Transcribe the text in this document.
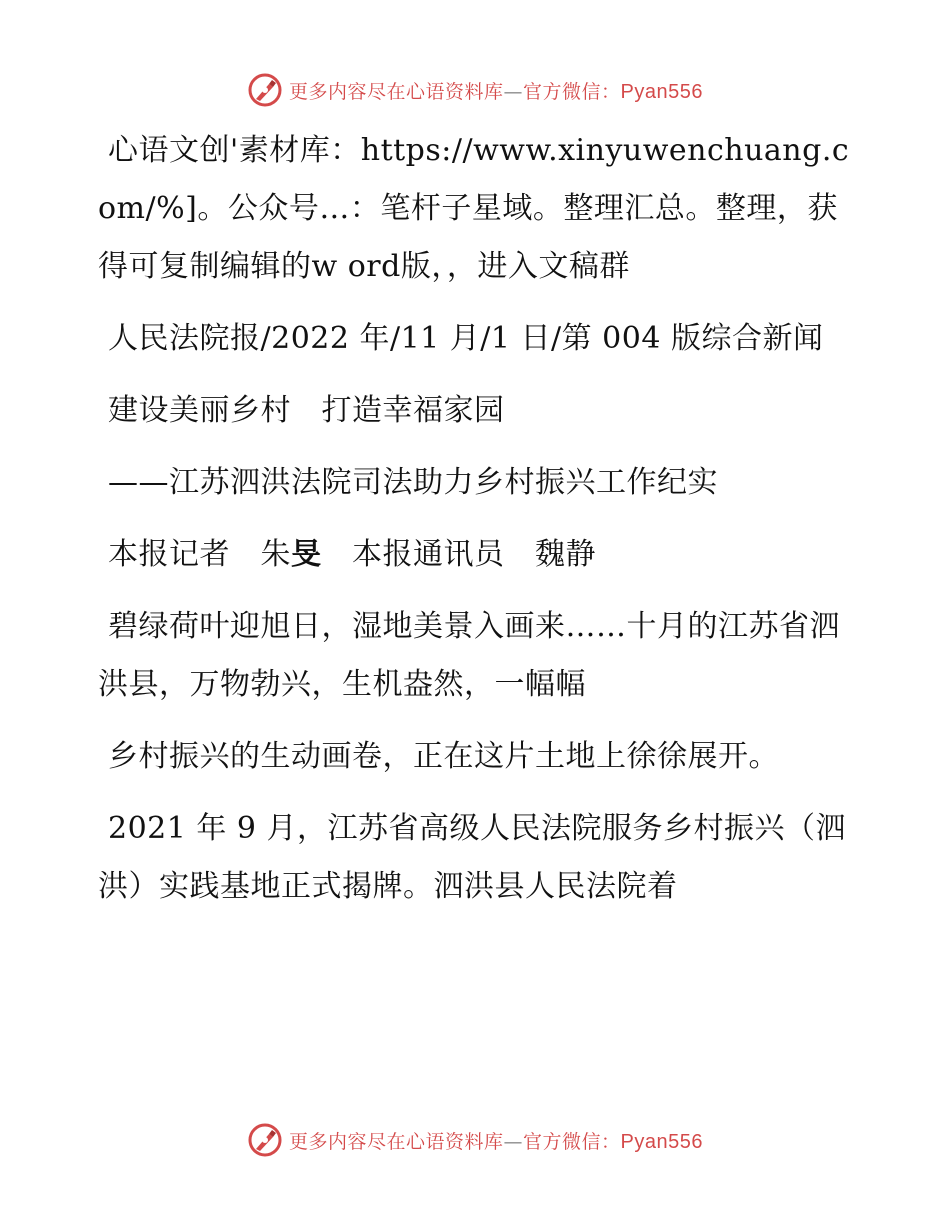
更多内容尽在心语资料库—官方微信：Pyan556

心语文创'素材库：https://www.xinyuwenchuang.com/%]。公众号…：笔杆子星域。整理汇总。整理，获得可复制编辑的w ord版，，进入文稿群

人民法院报/2022 年/11 月/1 日/第 004 版综合新闻

建设美丽乡村　打造幸福家园

——江苏泗洪法院司法助力乡村振兴工作纪实

本报记者　朱旻　本报通讯员　魏静

碧绿荷叶迎旭日，湿地美景入画来……十月的江苏省泗洪县，万物勃兴，生机盎然，一幅幅

乡村振兴的生动画卷，正在这片土地上徐徐展开。

2021 年 9 月，江苏省高级人民法院服务乡村振兴（泗洪）实践基地正式揭牌。泗洪县人民法院着

更多内容尽在心语资料库—官方微信：Pyan556
